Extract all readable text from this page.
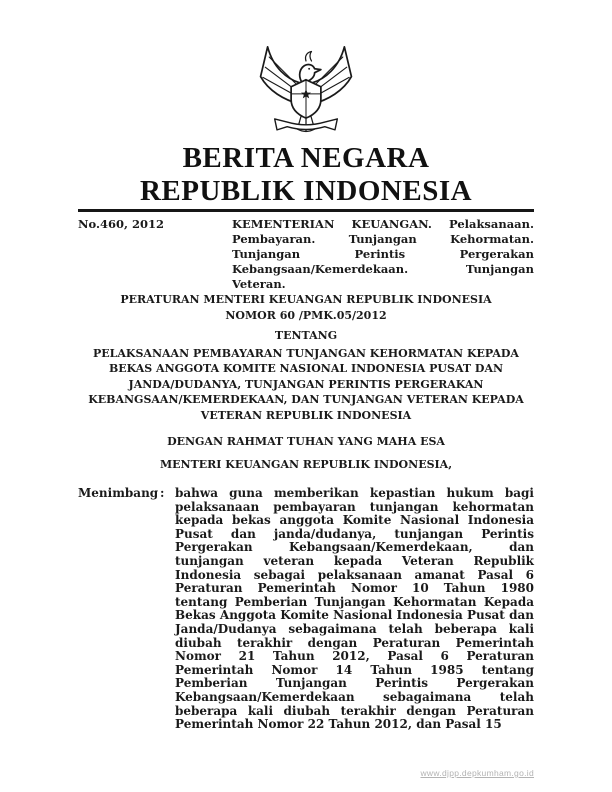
BERITA NEGARA
REPUBLIK INDONESIA
No.460, 2012	KEMENTERIAN KEUANGAN. Pelaksanaan. Pembayaran. Tunjangan Kehormatan. Tunjangan Perintis Pergerakan Kebangsaan/Kemerdekaan. Tunjangan Veteran.
PERATURAN MENTERI KEUANGAN REPUBLIK INDONESIA
NOMOR 60 /PMK.05/2012
TENTANG
PELAKSANAAN PEMBAYARAN TUNJANGAN KEHORMATAN KEPADA BEKAS ANGGOTA KOMITE NASIONAL INDONESIA PUSAT DAN JANDA/DUDANYA, TUNJANGAN PERINTIS PERGERAKAN KEBANGSAAN/KEMERDEKAAN, DAN TUNJANGAN VETERAN KEPADA VETERAN REPUBLIK INDONESIA
DENGAN RAHMAT TUHAN YANG MAHA ESA
MENTERI KEUANGAN REPUBLIK INDONESIA,
Menimbang : bahwa guna memberikan kepastian hukum bagi pelaksanaan pembayaran tunjangan kehormatan kepada bekas anggota Komite Nasional Indonesia Pusat dan janda/dudanya, tunjangan Perintis Pergerakan Kebangsaan/Kemerdekaan, dan tunjangan veteran kepada Veteran Republik Indonesia sebagai pelaksanaan amanat Pasal 6 Peraturan Pemerintah Nomor 10 Tahun 1980 tentang Pemberian Tunjangan Kehormatan Kepada Bekas Anggota Komite Nasional Indonesia Pusat dan Janda/Dudanya sebagaimana telah beberapa kali diubah terakhir dengan Peraturan Pemerintah Nomor 21 Tahun 2012, Pasal 6 Peraturan Pemerintah Nomor 14 Tahun 1985 tentang Pemberian Tunjangan Perintis Pergerakan Kebangsaan/Kemerdekaan sebagaimana telah beberapa kali diubah terakhir dengan Peraturan Pemerintah Nomor 22 Tahun 2012, dan Pasal 15
www.djpp.depkumham.go.id
